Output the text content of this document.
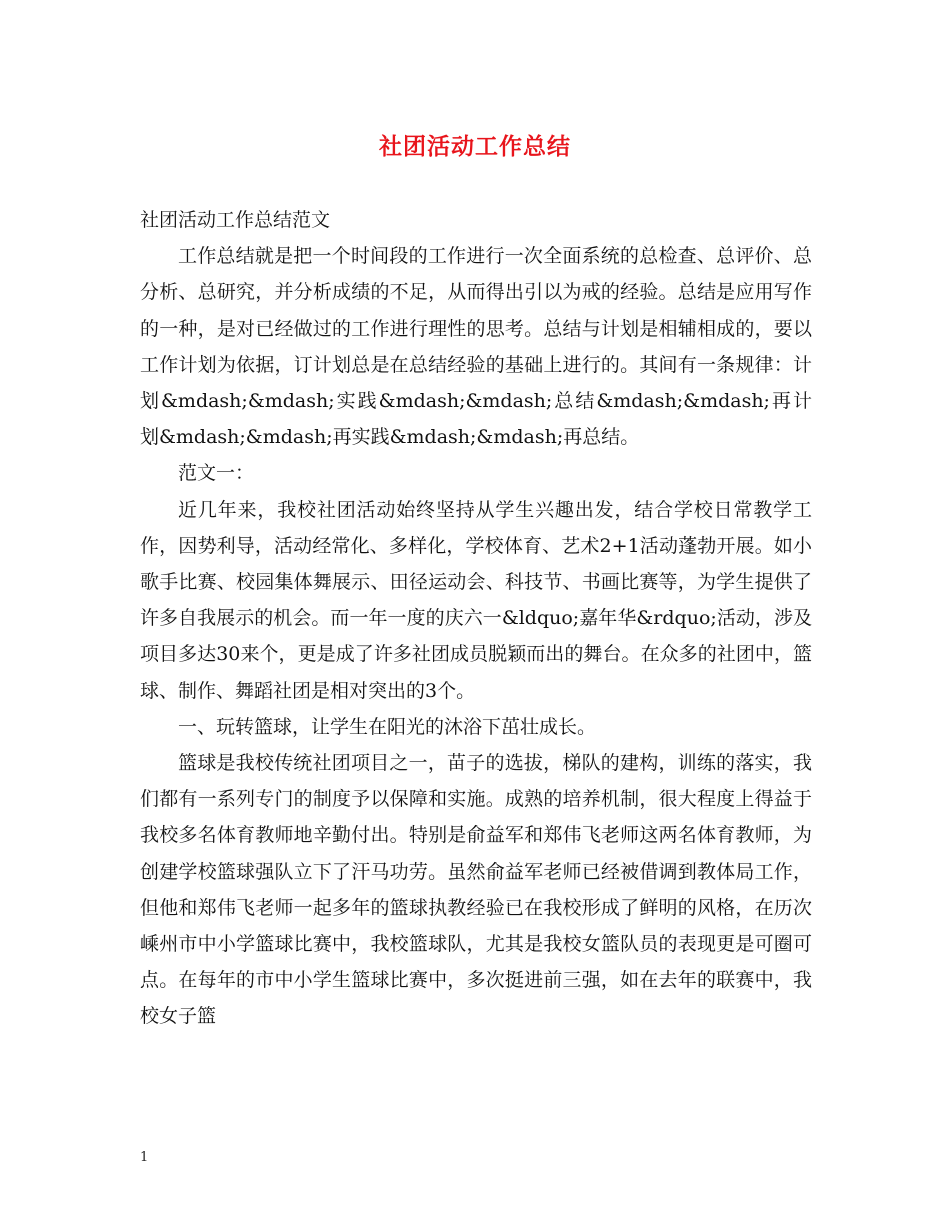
社团活动工作总结

社团活动工作总结范文

工作总结就是把一个时间段的工作进行一次全面系统的总检查、总评价、总分析、总研究，并分析成绩的不足，从而得出引以为戒的经验。总结是应用写作的一种，是对已经做过的工作进行理性的思考。总结与计划是相辅相成的，要以工作计划为依据，订计划总是在总结经验的基础上进行的。其间有一条规律：计划&mdash;&mdash;实践&mdash;&mdash;总结&mdash;&mdash;再计划&mdash;&mdash;再实践&mdash;&mdash;再总结。

范文一：

近几年来，我校社团活动始终坚持从学生兴趣出发，结合学校日常教学工作，因势利导，活动经常化、多样化，学校体育、艺术2+1活动蓬勃开展。如小歌手比赛、校园集体舞展示、田径运动会、科技节、书画比赛等，为学生提供了许多自我展示的机会。而一年一度的庆六一&ldquo;嘉年华&rdquo;活动，涉及项目多达30来个，更是成了许多社团成员脱颖而出的舞台。在众多的社团中，篮球、制作、舞蹈社团是相对突出的3个。

一、玩转篮球，让学生在阳光的沐浴下茁壮成长。

篮球是我校传统社团项目之一，苗子的选拔，梯队的建构，训练的落实，我们都有一系列专门的制度予以保障和实施。成熟的培养机制，很大程度上得益于我校多名体育教师地辛勤付出。特别是俞益军和郑伟飞老师这两名体育教师，为创建学校篮球强队立下了汗马功劳。虽然俞益军老师已经被借调到教体局工作，但他和郑伟飞老师一起多年的篮球执教经验已在我校形成了鲜明的风格，在历次嵊州市中小学篮球比赛中，我校篮球队，尤其是我校女篮队员的表现更是可圈可点。在每年的市中小学生篮球比赛中，多次挺进前三强，如在去年的联赛中，我校女子篮

1
